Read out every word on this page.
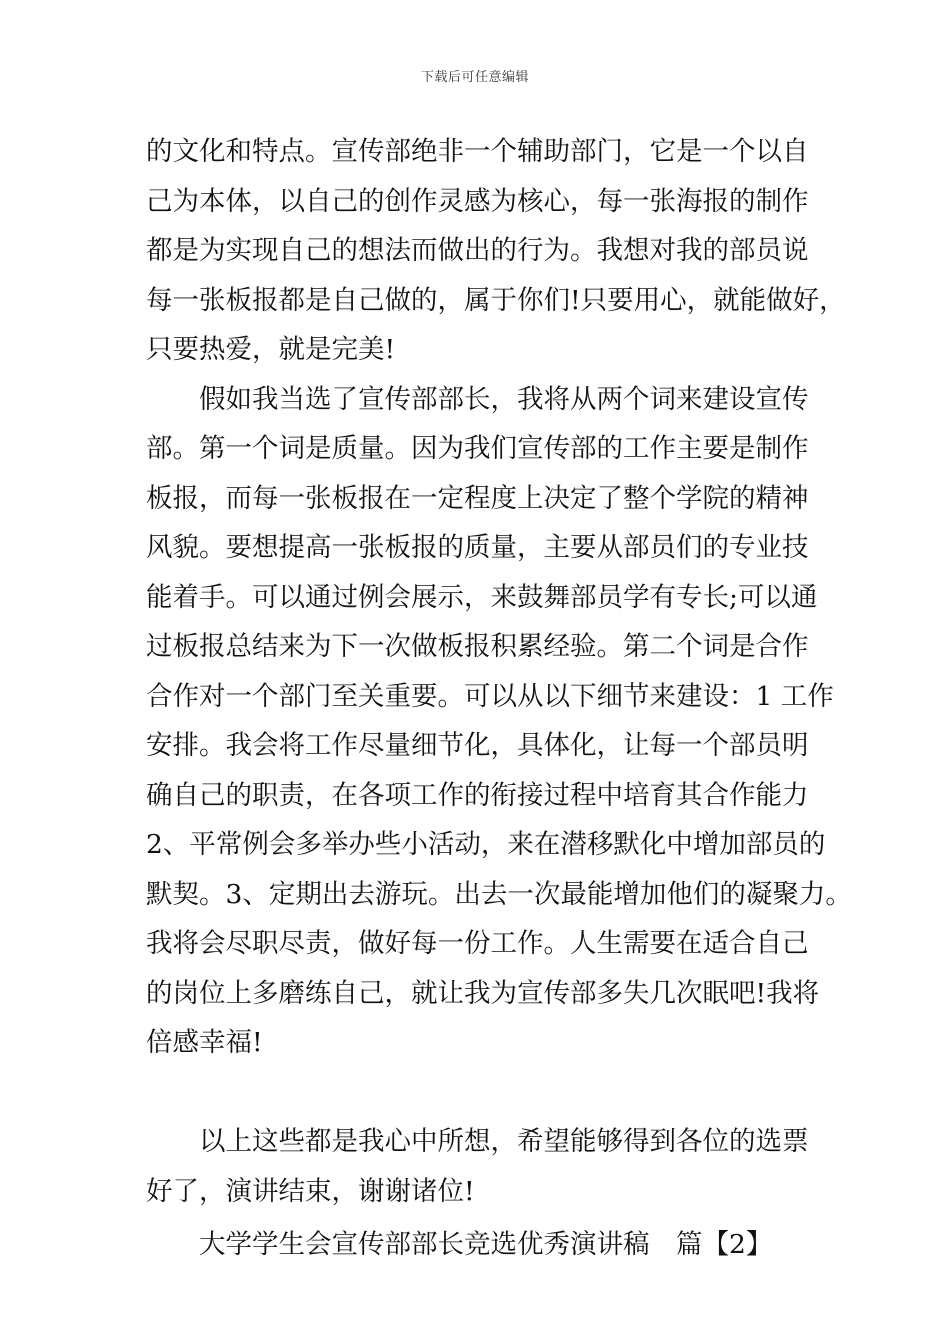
下载后可任意编辑
的文化和特点。宣传部绝非一个辅助部门，它是一个以自
己为本体，以自己的创作灵感为核心，每一张海报的制作
都是为实现自己的想法而做出的行为。我想对我的部员说
每一张板报都是自己做的，属于你们!只要用心，就能做好，
只要热爱，就是完美!
假如我当选了宣传部部长，我将从两个词来建设宣传
部。第一个词是质量。因为我们宣传部的工作主要是制作
板报，而每一张板报在一定程度上决定了整个学院的精神
风貌。要想提高一张板报的质量，主要从部员们的专业技
能着手。可以通过例会展示，来鼓舞部员学有专长;可以通
过板报总结来为下一次做板报积累经验。第二个词是合作
合作对一个部门至关重要。可以从以下细节来建设：1 工作
安排。我会将工作尽量细节化，具体化，让每一个部员明
确自己的职责，在各项工作的衔接过程中培育其合作能力
2、平常例会多举办些小活动，来在潜移默化中增加部员的
默契。3、定期出去游玩。出去一次最能增加他们的凝聚力。
我将会尽职尽责，做好每一份工作。人生需要在适合自己
的岗位上多磨练自己，就让我为宣传部多失几次眠吧!我将
倍感幸福!
以上这些都是我心中所想，希望能够得到各位的选票
好了，演讲结束，谢谢诸位!
大学学生会宣传部部长竞选优秀演讲稿　篇【2】
